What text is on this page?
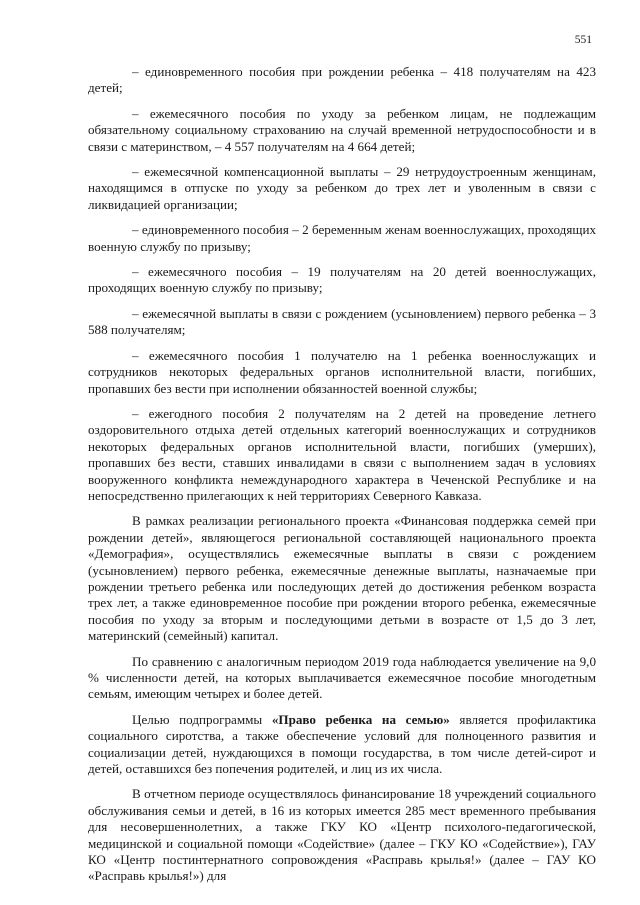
551

– единовременного пособия при рождении ребенка – 418 получателям на 423 детей;

– ежемесячного пособия по уходу за ребенком лицам, не подлежащим обязательному социальному страхованию на случай временной нетрудоспособности и в связи с материнством, – 4 557 получателям на 4 664 детей;

– ежемесячной компенсационной выплаты – 29 нетрудоустроенным женщинам, находящимся в отпуске по уходу за ребенком до трех лет и уволенным в связи с ликвидацией организации;

– единовременного пособия – 2 беременным женам военнослужащих, проходящих военную службу по призыву;

– ежемесячного пособия – 19 получателям на 20 детей военнослужащих, проходящих военную службу по призыву;

– ежемесячной выплаты в связи с рождением (усыновлением) первого ребенка – 3 588 получателям;

– ежемесячного пособия 1 получателю на 1 ребенка военнослужащих и сотрудников некоторых федеральных органов исполнительной власти, погибших, пропавших без вести при исполнении обязанностей военной службы;

– ежегодного пособия 2 получателям на 2 детей на проведение летнего оздоровительного отдыха детей отдельных категорий военнослужащих и сотрудников некоторых федеральных органов исполнительной власти, погибших (умерших), пропавших без вести, ставших инвалидами в связи с выполнением задач в условиях вооруженного конфликта немеждународного характера в Чеченской Республике и на непосредственно прилегающих к ней территориях Северного Кавказа.

В рамках реализации регионального проекта «Финансовая поддержка семей при рождении детей», являющегося региональной составляющей национального проекта «Демография», осуществлялись ежемесячные выплаты в связи с рождением (усыновлением) первого ребенка, ежемесячные денежные выплаты, назначаемые при рождении третьего ребенка или последующих детей до достижения ребенком возраста трех лет, а также единовременное пособие при рождении второго ребенка, ежемесячные пособия по уходу за вторым и последующими детьми в возрасте от 1,5 до 3 лет, материнский (семейный) капитал.

По сравнению с аналогичным периодом 2019 года наблюдается увеличение на 9,0 % численности детей, на которых выплачивается ежемесячное пособие многодетным семьям, имеющим четырех и более детей.

Целью подпрограммы «Право ребенка на семью» является профилактика социального сиротства, а также обеспечение условий для полноценного развития и социализации детей, нуждающихся в помощи государства, в том числе детей-сирот и детей, оставшихся без попечения родителей, и лиц из их числа.

В отчетном периоде осуществлялось финансирование 18 учреждений социального обслуживания семьи и детей, в 16 из которых имеется 285 мест временного пребывания для несовершеннолетних, а также ГКУ КО «Центр психолого-педагогической, медицинской и социальной помощи «Содействие» (далее – ГКУ КО «Содействие»), ГАУ КО «Центр постинтернатного сопровождения «Расправь крылья!» (далее – ГАУ КО «Расправь крылья!») для
